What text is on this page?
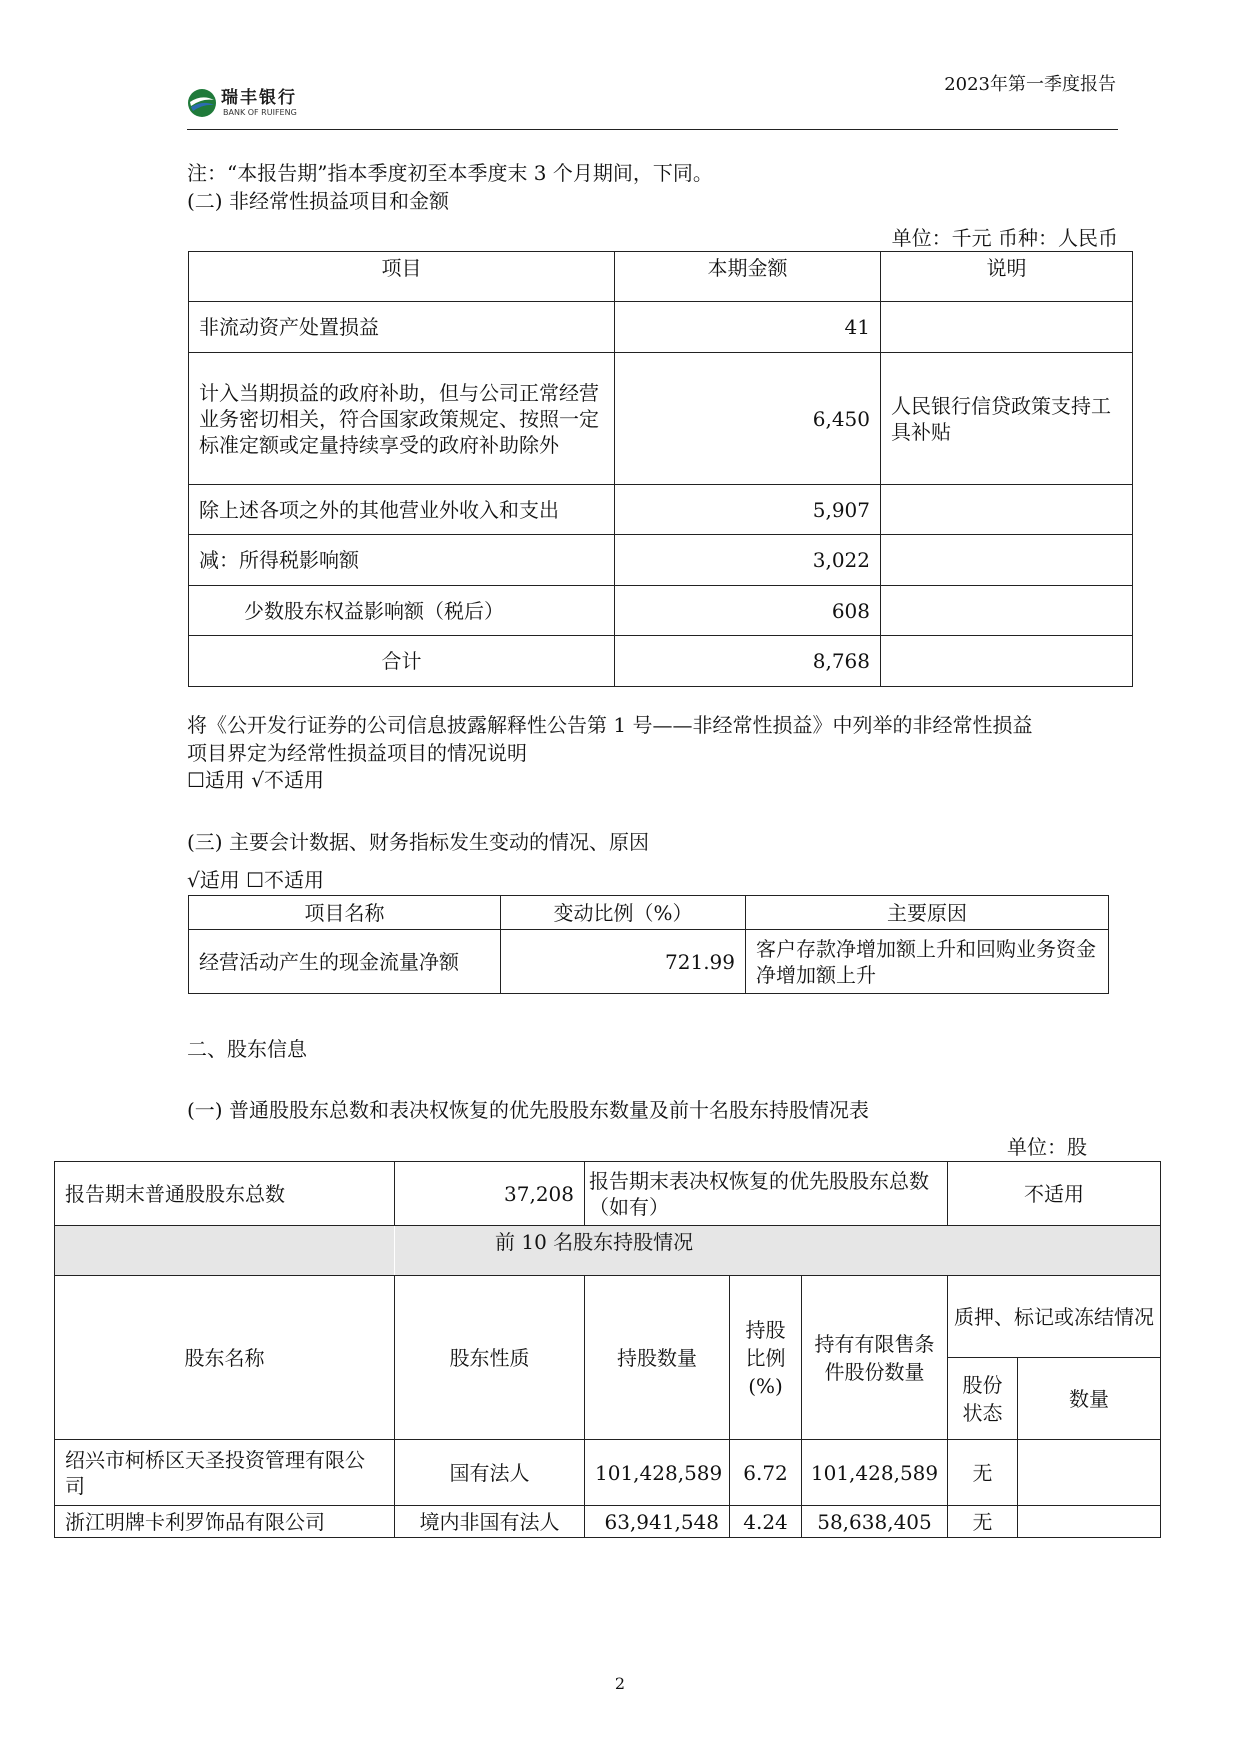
瑞丰银行
BANK OF RUIFENG
2023年第一季度报告
注：“本报告期”指本季度初至本季度末 3 个月期间，下同。
(二) 非经常性损益项目和金额
单位：千元 币种：人民币
项目	本期金额	说明
非流动资产处置损益	41	
计入当期损益的政府补助，但与公司正常经营业务密切相关，符合国家政策规定、按照一定标准定额或定量持续享受的政府补助除外	6,450	人民银行信贷政策支持工具补贴
除上述各项之外的其他营业外收入和支出	5,907	
减：所得税影响额	3,022	
少数股东权益影响额（税后）	608	
合计	8,768	
将《公开发行证券的公司信息披露解释性公告第 1 号——非经常性损益》中列举的非经常性损益
项目界定为经常性损益项目的情况说明
☐适用 √不适用
(三) 主要会计数据、财务指标发生变动的情况、原因
√适用 ☐不适用
项目名称	变动比例（%）	主要原因
经营活动产生的现金流量净额	721.99	客户存款净增加额上升和回购业务资金净增加额上升
二、股东信息
(一) 普通股股东总数和表决权恢复的优先股股东数量及前十名股东持股情况表
单位：股
报告期末普通股股东总数	37,208	报告期末表决权恢复的优先股股东总数（如有）			不适用	
	前 10 名股东持股情况					
股东名称	股东性质	持股数量	持股比例(%)	持有有限售条件股份数量	质押、标记或冻结情况	
					股份状态	数量
绍兴市柯桥区天圣投资管理有限公司	国有法人	101,428,589	6.72	101,428,589	无	
浙江明牌卡利罗饰品有限公司	境内非国有法人	63,941,548	4.24	58,638,405	无	
2
